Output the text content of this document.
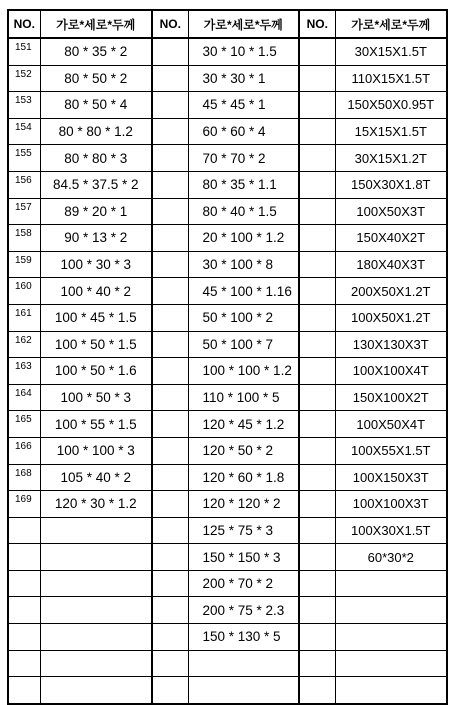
NO.	가로*세로*두께	NO.	가로*세로*두께	NO.	가로*세로*두께
151	80 * 35 * 2		30 * 10 * 1.5		30X15X1.5T
152	80 * 50 * 2		30 * 30 * 1		110X15X1.5T
153	80 * 50 * 4		45 * 45 * 1		150X50X0.95T
154	80 * 80 * 1.2		60 * 60 * 4		15X15X1.5T
155	80 * 80 * 3		70 * 70 * 2		30X15X1.2T
156	84.5 * 37.5 * 2		80 * 35 * 1.1		150X30X1.8T
157	89 * 20 * 1		80 * 40 * 1.5		100X50X3T
158	90 * 13 * 2		20 * 100 * 1.2		150X40X2T
159	100 * 30 * 3		30 * 100 * 8		180X40X3T
160	100 * 40 * 2		45 * 100 * 1.16		200X50X1.2T
161	100 * 45 * 1.5		50 * 100 * 2		100X50X1.2T
162	100 * 50 * 1.5		50 * 100 * 7		130X130X3T
163	100 * 50 * 1.6		100 * 100 * 1.2		100X100X4T
164	100 * 50 * 3		110 * 100 * 5		150X100X2T
165	100 * 55 * 1.5		120 * 45 * 1.2		100X50X4T
166	100 * 100 * 3		120 * 50 * 2		100X55X1.5T
168	105 * 40 * 2		120 * 60 * 1.8		100X150X3T
169	120 * 30 * 1.2		120 * 120 * 2		100X100X3T
			125 * 75 * 3		100X30X1.5T
			150 * 150 * 3		60*30*2
			200 * 70 * 2		
			200 * 75 * 2.3		
			150 * 130 * 5		
